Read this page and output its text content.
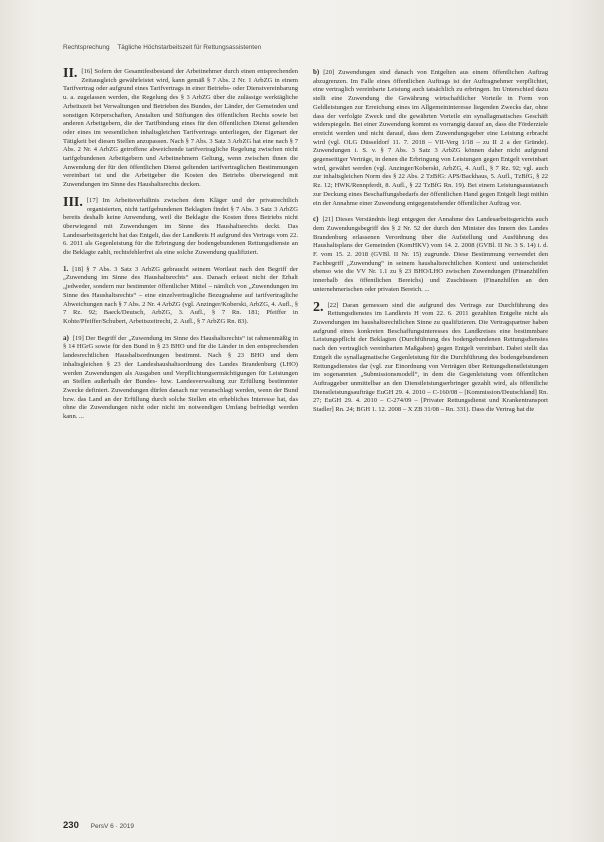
Rechtsprechung Tägliche Höchstarbeitszeit für Rettungsassistenten
II. [16] Sofern der Gesamtfestbestand der Arbeitnehmer durch einen entsprechenden Zeitausgleich gewährleistet wird, kann gemäß § 7 Abs. 2 Nr. 1 ArbZG in einem Tarifvertrag oder aufgrund eines Tarifvertrags in einer Betriebs- oder Dienstvereinbarung u. a. zugelassen werden, die Regelung des § 3 ArbZG über die zulässige werktägliche Arbeitszeit bei Verwaltungen und Betrieben des Bundes, der Länder, der Gemeinden und sonstigen Körperschaften, Anstalten und Stiftungen des öffentlichen Rechts sowie bei anderen Arbeitgebern, die der Tarifbindung eines für den öffentlichen Dienst geltenden oder eines im wesentlichen inhaltsgleichen Tarifvertrags unterliegen, der Eigenart der Tätigkeit bei diesen Stellen anzupassen. Nach § 7 Abs. 3 Satz 3 ArbZG hat eine nach § 7 Abs. 2 Nr. 4 ArbZG getroffene abweichende tarifvertragliche Regelung zwischen nicht tarifgebundenen Arbeitgebern und Arbeitnehmern Geltung, wenn zwischen ihnen die Anwendung der für den öffentlichen Dienst geltenden tarifvertraglichen Bestimmungen vereinbart ist und die Arbeitgeber die Kosten des Betriebs überwiegend mit Zuwendungen im Sinne des Haushaltsrechts decken.

III. [17] Im Arbeitsverhältnis zwischen dem Kläger und der privatrechtlich organisierten, nicht tarifgebundenen Beklagten findet § 7 Abs. 3 Satz 3 ArbZG bereits deshalb keine Anwendung, weil die Beklagte die Kosten ihres Betriebs nicht überwiegend mit Zuwendungen im Sinne des Haushaltsrechts deckt. Das Landesarbeitsgericht hat das Entgelt, das der Landkreis H aufgrund des Vertrags vom 22. 6. 2011 als Gegenleistung für die Erbringung der bodengebundenen Rettungsdienste an die Beklagte zahlt, rechtsfehlerfrei als eine solche Zuwendung qualifiziert.

1. [18] § 7 Abs. 3 Satz 3 ArbZG gebraucht seinem Wortlaut nach den Begriff der „Zuwendung im Sinne des Haushaltsrechts“ aus. Danach erfasst nicht der Erhalt „jedweder, sondern nur bestimmter öffentlicher Mittel – nämlich von „Zuwendungen im Sinne des Haushaltsrechts“ – eine einzelvertragliche Bezugnahme auf tarifvertragliche Abweichungen nach § 7 Abs. 2 Nr. 4 ArbZG (vgl. Anzinger/Koberski, ArbZG, 4. Aufl., § 7 Rz. 92; Baeck/Deutsch, ArbZG, 3. Aufl., § 7 Rn. 181; Pfeiffer in Kohte/Pfeiffer/Schubert, Arbeitszeitrecht, 2. Aufl., § 7 ArbZG Rn. 83).

a) [19] Der Begriff der „Zuwendung im Sinne des Haushaltsrechts“ ist rahmenmäßig in § 14 HGrG sowie für den Bund in § 23 BHO und für die Länder in den entsprechenden landesrechtlichen Haushaltsordnungen bestimmt. Nach § 23 BHO und dem inhaltsgleichen § 23 der Landeshaushaltsordnung des Landes Brandenburg (LHO) werden Zuwendungen als Ausgaben und Verpflichtungsermächtigungen für Leistungen an Stellen außerhalb der Bundes- bzw. Landesverwaltung zur Erfüllung bestimmter Zwecke definiert. Zuwendungen dürfen danach nur veranschlagt werden, wenn der Bund bzw. das Land an der Erfüllung durch solche Stellen ein erhebliches Interesse hat, das ohne die Zuwendungen nicht oder nicht im notwendigen Umfang befriedigt werden kann. ...

b) [20] Zuwendungen sind danach von Entgelten aus einem öffentlichen Auftrag abzugrenzen. Im Falle eines öffentlichen Auftrags ist der Auftragnehmer verpflichtet, eine vertraglich vereinbarte Leistung auch tatsächlich zu erbringen. Im Unterschied dazu stellt eine Zuwendung die Gewährung wirtschaftlicher Vorteile in Form von Geldleistungen zur Erreichung eines im Allgemeininteresse liegenden Zwecks dar, ohne dass der verfolgte Zweck und die gewährten Vorteile ein synallagmatisches Geschäft widerspiegeln. Bei einer Zuwendung kommt es vorrangig darauf an, dass die Förderziele erreicht werden und nicht darauf, dass dem Zuwendungsgeber eine Leistung erbracht wird (vgl. OLG Düsseldorf 11. 7. 2018 – VII-Verg 1/18 – zu II 2 a der Gründe). Zuwendungen i. S. v. § 7 Abs. 3 Satz 3 ArbZG können daher nicht aufgrund gegenseitiger Verträge, in denen die Erbringung von Leistungen gegen Entgelt vereinbart wird, gewährt werden (vgl. Anzinger/Koberski, ArbZG, 4. Aufl., § 7 Rz. 92; vgl. auch zur inhaltsgleichen Norm des § 22 Abs. 2 TzBfG: APS/Backhaus, 5. Aufl., TzBfG, § 22 Rz. 12; HWK/Rennpferdt, 8. Aufl., § 22 TzBfG Rn. 19). Bei einem Leistungsaustausch zur Deckung eines Beschaffungsbedarfs der öffentlichen Hand gegen Entgelt liegt mithin ein der Annahme einer Zuwendung entgegenstehender öffentlicher Auftrag vor.

c) [21] Dieses Verständnis liegt entgegen der Annahme des Landesarbeitsgerichts auch dem Zuwendungsbegriff des § 2 Nr. 52 der durch den Minister des Innern des Landes Brandenburg erlassenen Verordnung über die Aufstellung und Ausführung des Haushaltsplans der Gemeinden (KomHKV) vom 14. 2. 2008 (GVBl. II Nr. 3 S. 14) i. d. F. vom 15. 2. 2018 (GVBl. II Nr. 15) zugrunde. Diese Bestimmung verwendet den Fachbegriff „Zuwendung“ in seinem haushaltsrechtlichen Kontext und unterscheidet ebenso wie die VV Nr. 1.1 zu § 23 BHO/LHO zwischen Zuwendungen (Finanzhilfen innerhalb des öffentlichen Bereichs) und Zuschüssen (Finanzhilfen an den unternehmerischen oder privaten Bereich. ...

2. [22] Daran gemessen sind die aufgrund des Vertrags zur Durchführung des Rettungsdienstes im Landkreis H vom 22. 6. 2011 gezahlten Entgelte nicht als Zuwendungen im haushaltsrechtlichen Sinne zu qualifizieren. Die Vertragspartner haben aufgrund eines konkreten Beschaffungsinteresses des Landkreises eine bestimmbare Leistungspflicht der Beklagten (Durchführung des bodengebundenen Rettungsdienstes nach den vertraglich vereinbarten Maßgaben) gegen Entgelt vereinbart. Dabei stellt das Entgelt die synallagmatische Gegenleistung für die Durchführung des bodengebundenen Rettungsdienstes dar (vgl. zur Einordnung von Verträgen über Rettungsdienstleistungen im sogenannten „Submissionsmodell“, in dem die Gegenleistung vom öffentlichen Auftraggeber unmittelbar an den Dienstleistungserbringer gezahlt wird, als öffentliche Dienstleistungsaufträge EuGH 29. 4. 2010 – C-160/08 – [Kommission/Deutschland] Rn. 27; EuGH 29. 4. 2010 – C-274/09 – [Privater Rettungsdienst und Krankentransport Stadler] Rn. 24; BGH 1. 12. 2008 – X ZB 31/08 – Rn. 331). Dass die Vertrag hat die

230 PersV 6 · 2019
